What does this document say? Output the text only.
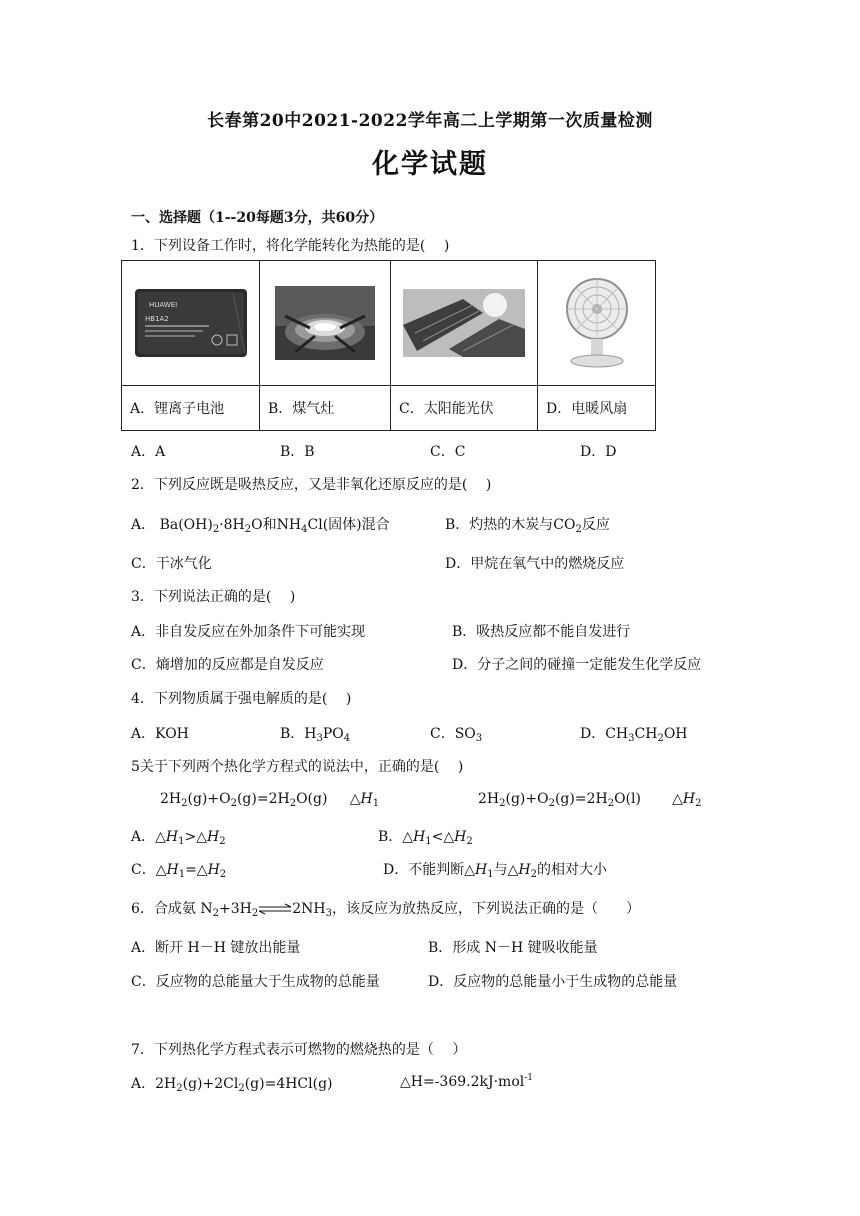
长春第20中2021-2022学年高二上学期第一次质量检测
化学试题
一、选择题（1--20每题3分，共60分）
1．下列设备工作时，将化学能转化为热能的是(　 )
HUAWEI
HB1A2

A．锂离子电池	B．煤气灶	C．太阳能光伏	D．电暖风扇
A．A	B．B	C．C	D．D
2．下列反应既是吸热反应，又是非氧化还原反应的是(　 )
A． $Ba(OH)_2\cdot 8H_2O$和$NH_4Cl$(固体)混合	B．灼热的木炭与$CO_2$反应
C．干冰气化	D．甲烷在氧气中的燃烧反应
3．下列说法正确的是(　 )
A．非自发反应在外加条件下可能实现	B．吸热反应都不能自发进行
C．熵增加的反应都是自发反应	D．分子之间的碰撞一定能发生化学反应
4．下列物质属于强电解质的是(　 )
A．KOH	B．$H_3PO_4$	C．$SO_3$	D．$CH_3CH_2OH$
5关于下列两个热化学方程式的说法中，正确的是(　 )
$2H_2(g)+O_2(g)=2H_2O(g)$ $\triangle H_1$	$2H_2(g)+O_2(g)=2H_2O(l)$ $\triangle H_2$
A．$\triangle H_1>\triangle H_2$	B．$\triangle H_1<\triangle H_2$
C．$\triangle H_1=\triangle H_2$	D．不能判断$\triangle H_1$与$\triangle H_2$的相对大小
6．合成氨 $N_2+3H_2\rightleftharpoons 2NH_3$，该反应为放热反应，下列说法正确的是（　　）
A．断开 H－H 键放出能量	B．形成 N－H 键吸收能量
C．反应物的总能量大于生成物的总能量	D．反应物的总能量小于生成物的总能量
7．下列热化学方程式表示可燃物的燃烧热的是（　 ）
A．$2H_2(g)+2Cl_2(g)=4HCl(g)$	△H=-369.2kJ·mol$^{-1}$
